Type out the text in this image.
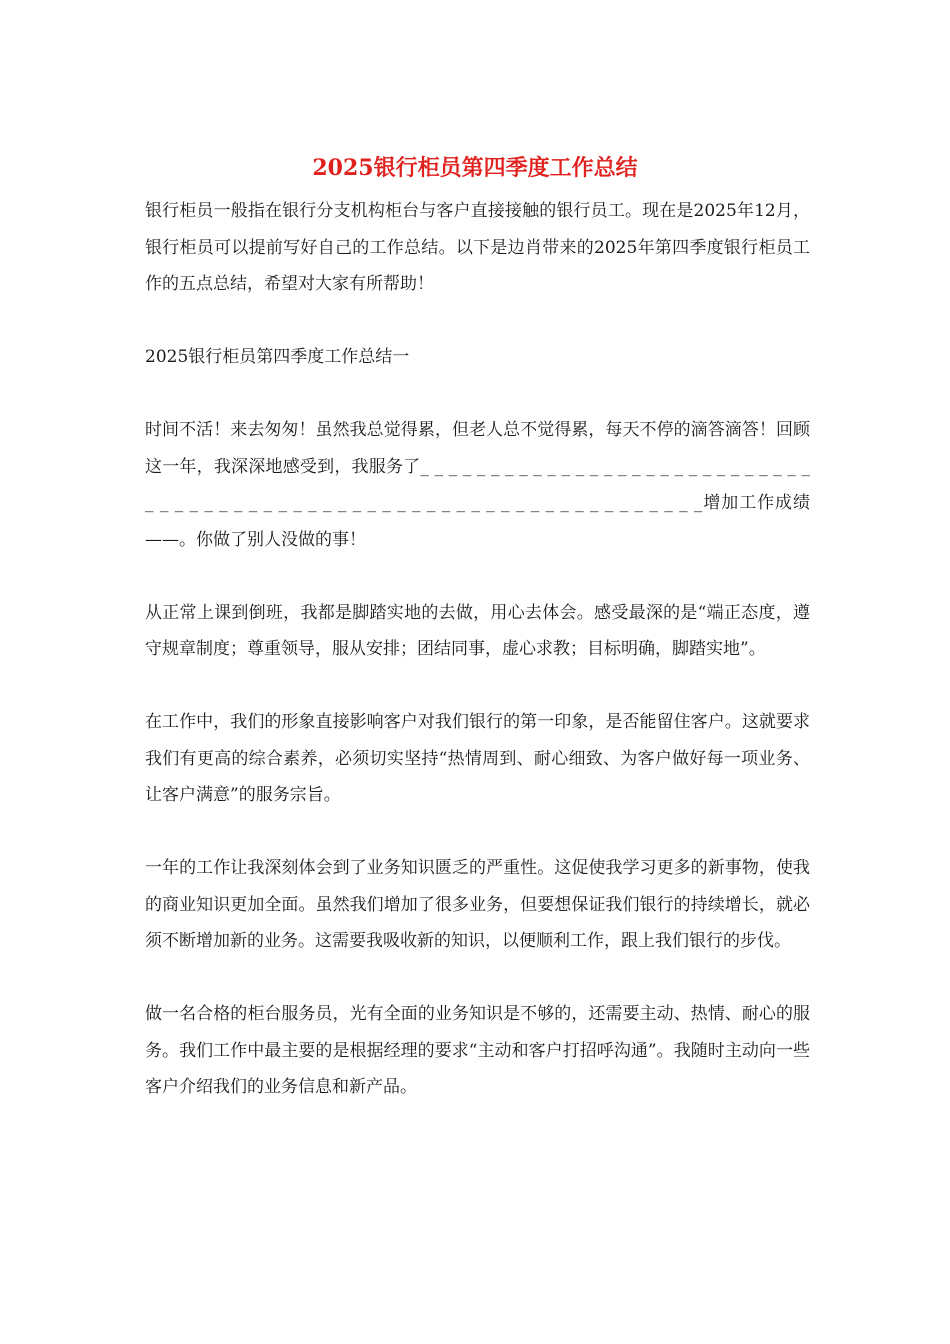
2025银行柜员第四季度工作总结

银行柜员一般指在银行分支机构柜台与客户直接接触的银行员工。现在是2025年12月，银行柜员可以提前写好自己的工作总结。以下是边肖带来的2025年第四季度银行柜员工作的五点总结，希望对大家有所帮助！

2025银行柜员第四季度工作总结一

时间不活！来去匆匆！虽然我总觉得累，但老人总不觉得累，每天不停的滴答滴答！回顾这一年，我深深地感受到，我服务了_ _ _ _ _ _ _ _ _ _ _ _ _ _ _ _ _ _ _ _ _ _ _ _ _ _ _ _ _ _ _ _ _ _ _ _ _ _ _ _ _ _ _ _ _ _ _ _ _ _ _ _ _ _ _ _ _ _ _ _ _ _ _ _ _ _增加工作成绩——。你做了别人没做的事！

从正常上课到倒班，我都是脚踏实地的去做，用心去体会。感受最深的是“端正态度，遵守规章制度；尊重领导，服从安排；团结同事，虚心求教；目标明确，脚踏实地”。

在工作中，我们的形象直接影响客户对我们银行的第一印象，是否能留住客户。这就要求我们有更高的综合素养，必须切实坚持“热情周到、耐心细致、为客户做好每一项业务、让客户满意”的服务宗旨。

一年的工作让我深刻体会到了业务知识匮乏的严重性。这促使我学习更多的新事物，使我的商业知识更加全面。虽然我们增加了很多业务，但要想保证我们银行的持续增长，就必须不断增加新的业务。这需要我吸收新的知识，以便顺利工作，跟上我们银行的步伐。

做一名合格的柜台服务员，光有全面的业务知识是不够的，还需要主动、热情、耐心的服务。我们工作中最主要的是根据经理的要求“主动和客户打招呼沟通”。我随时主动向一些客户介绍我们的业务信息和新产品。
